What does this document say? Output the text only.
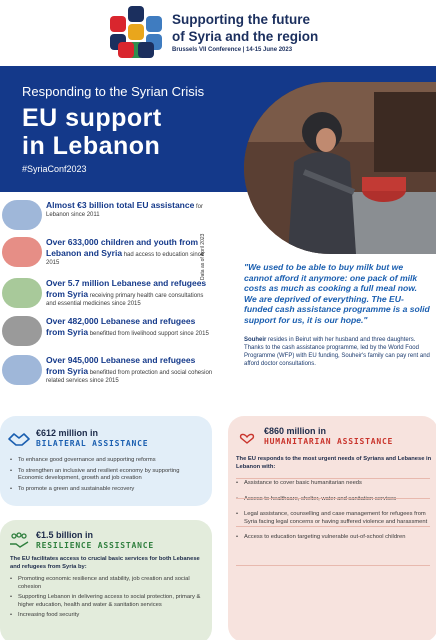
Supporting the future
of Syria and the region
Brussels VII Conference | 14-15 June 2023
Responding to the Syrian Crisis
EU support
in Lebanon
#SyriaConf2023
Almost €3 billion total EU assistance for Lebanon since 2011
Over 633,000 children and youth from Lebanon and Syria had access to education since 2015
Over 5.7 million Lebanese and refugees from Syria receiving primary health care consultations and essential medicines since 2015
Over 482,000 Lebanese and refugees from Syria benefitted from livelihood support since 2015
Over 945,000 Lebanese and refugees from Syria benefitted from protection and social cohesion related services since 2015
Data as of April 2023	"We used to be able to buy milk but we cannot afford it anymore: one pack of milk costs as much as cooking a full meal now. We are deprived of everything. The EU-funded cash assistance programme is a solid support for us, it is our hope."
Souheir resides in Beirut with her husband and three daughters. Thanks to the cash assistance programme, led by the World Food Programme (WFP) with EU funding, Souheir's family can pay rent and afford doctor consultations.
€612 million in
BILATERAL ASSISTANCE
• To enhance good governance and supporting reforms
• To strengthen an inclusive and resilient economy by supporting Economic development, growth and job creation
• To promote a green and sustainable recovery
€1.5 billion in
RESILIENCE ASSISTANCE
The EU facilitates access to crucial basic services for both Lebanese and refugees from Syria by:
• Promoting economic resilience and stability, job creation and social cohesion
• Supporting Lebanon in delivering access to social protection, primary & higher education, health and water & sanitation services
• Increasing food security
€860 million in
HUMANITARIAN ASSISTANCE
The EU responds to the most urgent needs of Syrians and Lebanese in Lebanon with:
• Assistance to cover basic humanitarian needs
•
• Legal assistance, counselling and case management for refugees from Syria facing legal concerns or having suffered violence and harassment
• Access to education targeting vulnerable out-of-school children
